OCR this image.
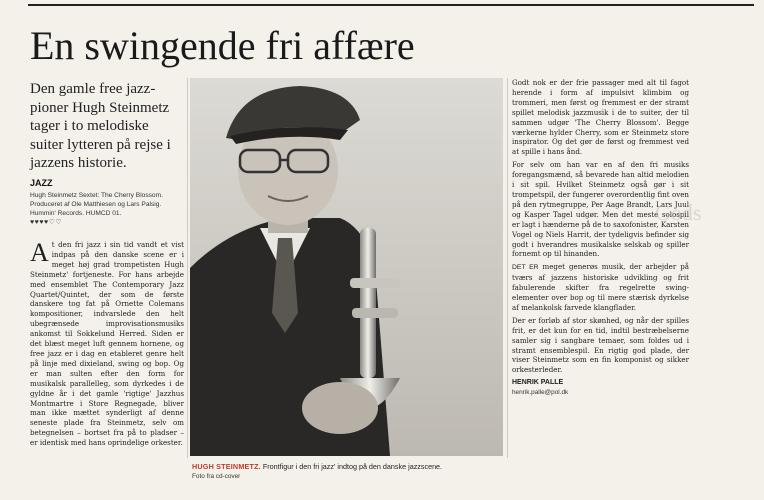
En swingende fri affære
Den gamle free jazz-pioner Hugh Steinmetz tager i to melodiske suiter lytteren på rejse i jazzens historie.
JAZZ
Hugh Steinmetz Sextet: The Cherry Blossom.
Produceret af Ole Matthiesen og Lars Palsig.
Hummin' Records. HUMCD 01.
♥♥♥♥♡♡
At den fri jazz i sin tid vandt et vist indpas på den danske scene er i meget høj grad trompetisten Hugh Steinmetz' fortjeneste. For hans arbejde med ensemblet The Contemporary Jazz Quartet/Quintet, der som de første danskere tog fat på Ornette Colemans kompositioner, indvarslede den helt ubegrænsede improvisationsmusiks ankomst til Sokkelund Herred. Siden er det blæst meget luft gennem hornene, og free jazz er i dag en etableret genre helt på linje med dixieland, swing og bop. Og er man sulten efter den form for musikalsk parallelleg, som dyrkedes i de gyldne år i det gamle 'rigtige' Jazzhus Montmartre i Store Regnegade, bliver man ikke mættet synderligt af denne seneste plade fra Steinmetz, selv om betegnelsen – bortset fra på to pladser – er identisk med hans oprindelige orkester.
HUGH STEINMETZ. Frontfigur i den fri jazz' indtog på den danske jazzscene.
Foto fra cd-cover

Godt nok er der frie passager med alt til fagot herende i form af impulsivt klimbim og trommeri, men først og fremmest er der stramt spillet melodisk jazzmusik i de to suiter, der til sammen udgør 'The Cherry Blossom'. Begge værkerne hylder Cherry, som er Steinmetz store inspirator. Og det gør de først og fremmest ved at spille i hans ånd.

For selv om han var en af den fri musiks foregangsmænd, så bevarede han altid melodien i sit spil. Hvilket Steinmetz også gør i sit trompetspil, der fungerer overordentlig fint oven på den rytmegruppe, Per Aage Brandt, Lars Juul og Kasper Tagel udgør. Men det meste solospil er lagt i hænderne på de to saxofonister, Karsten Vogel og Niels Harrit, der tydeligvis befinder sig godt i hverandres musikalske selskab og spiller fornemt op til hinanden.

DET ER meget generøs musik, der arbejder på tværs af jazzens historiske udvikling og frit fabulerende skifter fra regelrette swing-elementer over bop og til mere stærisk dyrkelse af melankolsk farvede klangflader.

Der er forløb af stor skønhed, og når der spilles frit, er det kun for en tid, indtil bestræbelserne samler sig i sangbare temaer, som foldes ud i stramt ensemblespil. En rigtig god plade, der viser Steinmetz som en fin komponist og sikker orkesterleder.

HENRIK PALLE
henrik.palle@pol.dk
Gods
